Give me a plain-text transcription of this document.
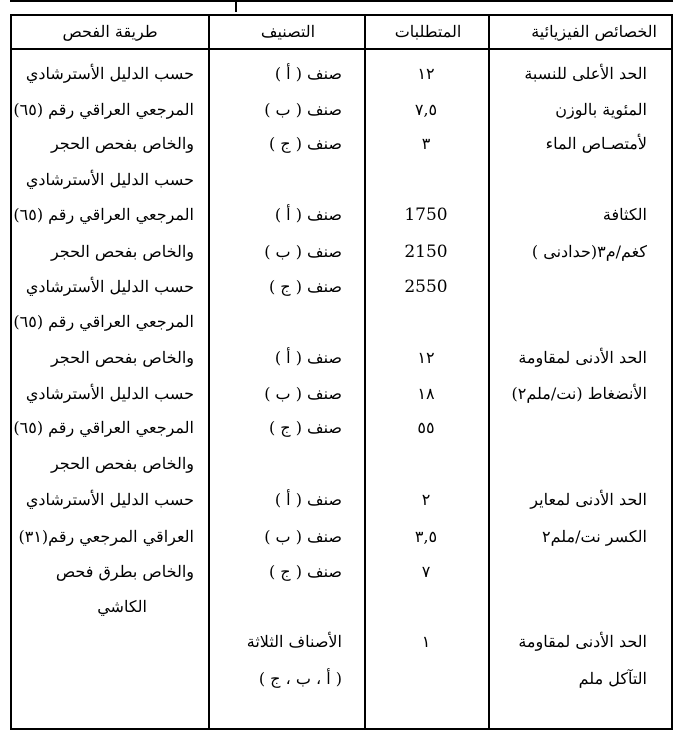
الخصائص الفيزيائية
المتطلبات
التصنيف
طريقة الفحص
الحد الأعلى للنسبة
المئوية بالوزن
لأمتصـاص الماء
الكثافة
كغم/م٣(حدادنى )
الحد الأدنى لمقاومة
الأنضغاط (نت/ملم٢)
الحد الأدنى لمعاير
الكسر نت/ملم٢
الحد الأدنى لمقاومة
التآكل ملم
١٢
٧,٥
٣
1750
2150
2550
١٢
١٨
٥٥
٢
٣,٥
٧
١
صنف ( أ )
صنف ( ب )
صنف ( ج )
صنف ( أ )
صنف ( ب )
صنف ( ج )
صنف ( أ )
صنف ( ب )
صنف ( ج )
صنف ( أ )
صنف ( ب )
صنف ( ج )
الأصناف الثلاثة
( أ ، ب ، ج )
حسب الدليل الأسترشادي
المرجعي العراقي رقم (٦٥)
والخاص بفحص الحجر
حسب الدليل الأسترشادي
المرجعي العراقي رقم (٦٥)
والخاص بفحص الحجر
حسب الدليل الأسترشادي
المرجعي العراقي رقم (٦٥)
والخاص بفحص الحجر
حسب الدليل الأسترشادي
المرجعي العراقي رقم (٦٥)
والخاص بفحص الحجر
حسب الدليل الأسترشادي
العراقي المرجعي رقم(٣١)
والخاص بطرق فحص
الكاشي
